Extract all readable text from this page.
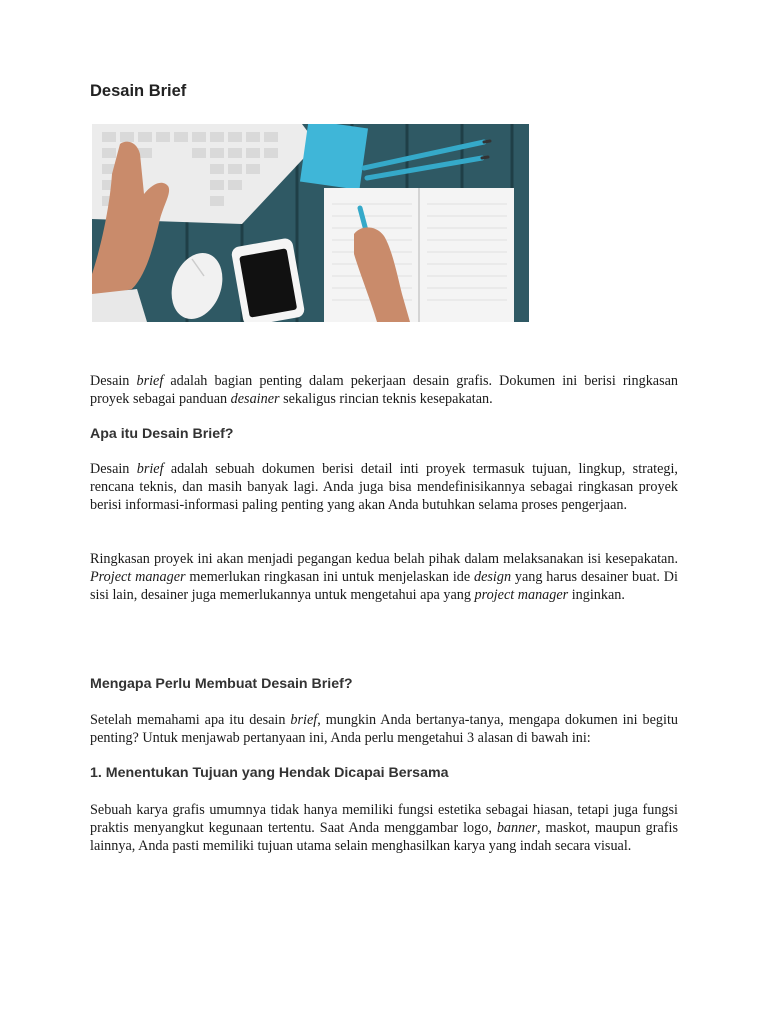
Desain Brief

Desain brief adalah bagian penting dalam pekerjaan desain grafis. Dokumen ini berisi ringkasan proyek sebagai panduan desainer sekaligus rincian teknis kesepakatan.

Apa itu Desain Brief?

Desain brief adalah sebuah dokumen berisi detail inti proyek termasuk tujuan, lingkup, strategi, rencana teknis, dan masih banyak lagi. Anda juga bisa mendefinisikannya sebagai ringkasan proyek berisi informasi-informasi paling penting yang akan Anda butuhkan selama proses pengerjaan.

Ringkasan proyek ini akan menjadi pegangan kedua belah pihak dalam melaksanakan isi kesepakatan. Project manager memerlukan ringkasan ini untuk menjelaskan ide design yang harus desainer buat. Di sisi lain, desainer juga memerlukannya untuk mengetahui apa yang project manager inginkan.

Mengapa Perlu Membuat Desain Brief?

Setelah memahami apa itu desain brief, mungkin Anda bertanya-tanya, mengapa dokumen ini begitu penting? Untuk menjawab pertanyaan ini, Anda perlu mengetahui 3 alasan di bawah ini:

1. Menentukan Tujuan yang Hendak Dicapai Bersama

Sebuah karya grafis umumnya tidak hanya memiliki fungsi estetika sebagai hiasan, tetapi juga fungsi praktis menyangkut kegunaan tertentu. Saat Anda menggambar logo, banner, maskot, maupun grafis lainnya, Anda pasti memiliki tujuan utama selain menghasilkan karya yang indah secara visual.
